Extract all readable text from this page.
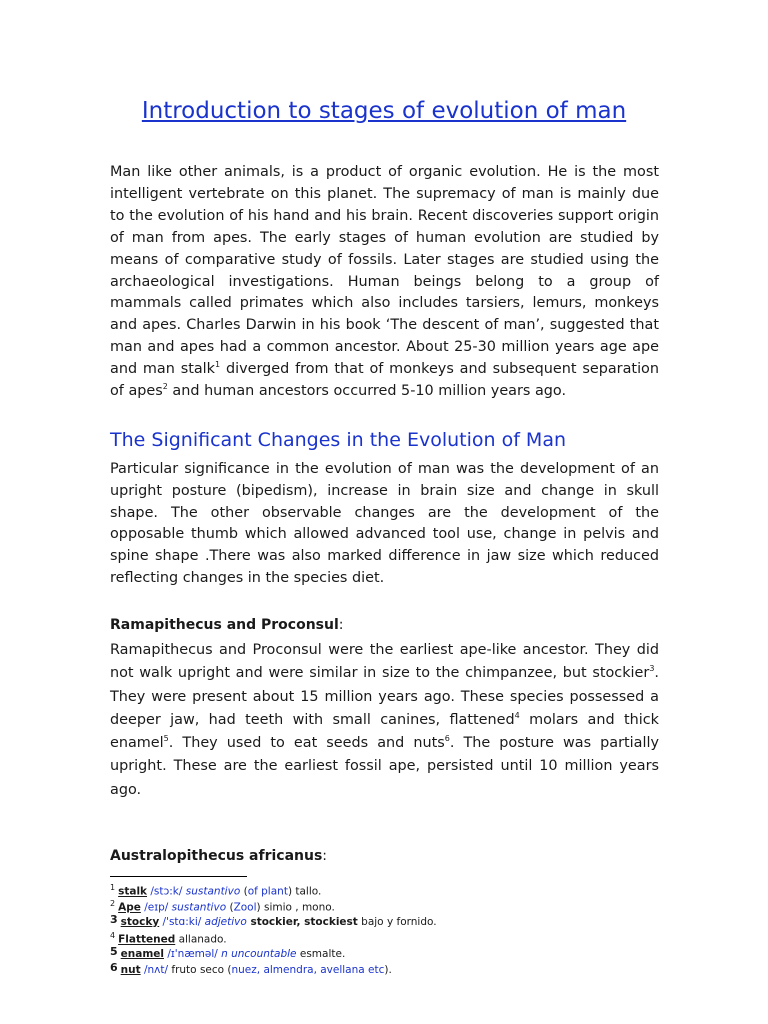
Introduction to stages of evolution of man

Man like other animals, is a product of organic evolution. He is the most intelligent vertebrate on this planet. The supremacy of man is mainly due to the evolution of his hand and his brain. Recent discoveries support origin of man from apes. The early stages of human evolution are studied by means of comparative study of fossils. Later stages are studied using the archaeological investigations. Human beings belong to a group of mammals called primates which also includes tarsiers, lemurs, monkeys and apes. Charles Darwin in his book ‘The descent of man’, suggested that man and apes had a common ancestor. About 25-30 million years age ape and man stalk$^1$ diverged from that of monkeys and subsequent separation of apes$^2$ and human ancestors occurred 5-10 million years ago.

The Significant Changes in the Evolution of Man

Particular significance in the evolution of man was the development of an upright posture (bipedism), increase in brain size and change in skull shape. The other observable changes are the development of the opposable thumb which allowed advanced tool use, change in pelvis and spine shape .There was also marked difference in jaw size which reduced reflecting changes in the species diet.

Ramapithecus and Proconsul:

Ramapithecus and Proconsul were the earliest ape-like ancestor. They did not walk upright and were similar in size to the chimpanzee, but stockier$^3$. They were present about 15 million years ago. These species possessed a deeper jaw, had teeth with small canines, flattened$^4$ molars and thick enamel$^5$. They used to eat seeds and nuts$^6$. The posture was partially upright. These are the earliest fossil ape, persisted until 10 million years ago.

Australopithecus africanus:
$^1$ stalk /stɔ:k/ sustantivo (of plant) tallo.
$^2$ Ape /eɪp/ sustantivo (Zool) simio , mono.
3 stocky /'stɑ:ki/ adjetivo stockier, stockiest bajo y fornido.
$^4$ Flattened allanado.
5 enamel /ɪ'næməl/ n uncountable esmalte.
6 nut /nʌt/ fruto seco (nuez, almendra, avellana etc).
